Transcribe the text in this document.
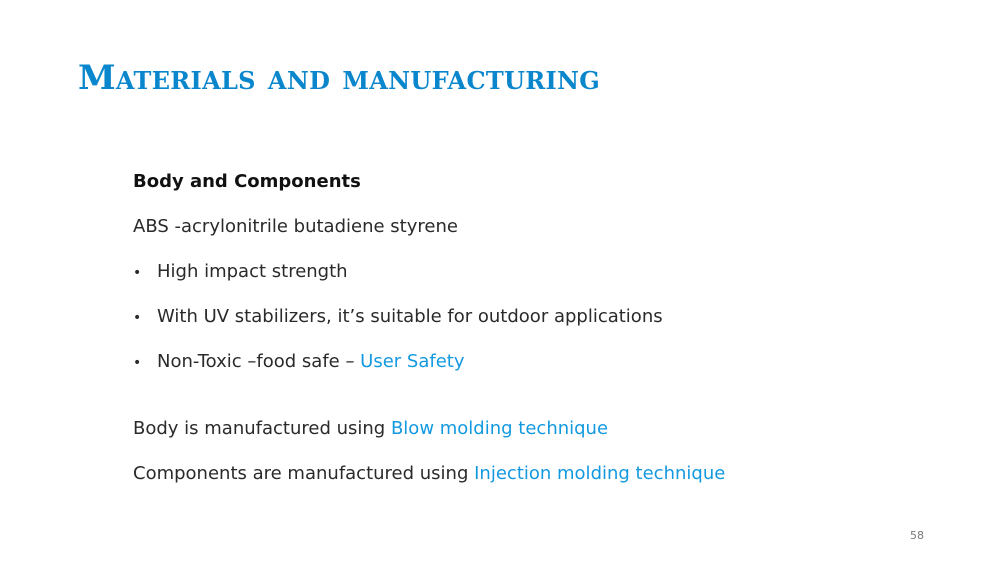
Materials and manufacturing
Body and Components
ABS -acrylonitrile butadiene styrene
• High impact strength
• With UV stabilizers, it’s suitable for outdoor applications
• Non-Toxic –food safe – User Safety
Body is manufactured using Blow molding technique
Components are manufactured using Injection molding technique
58
